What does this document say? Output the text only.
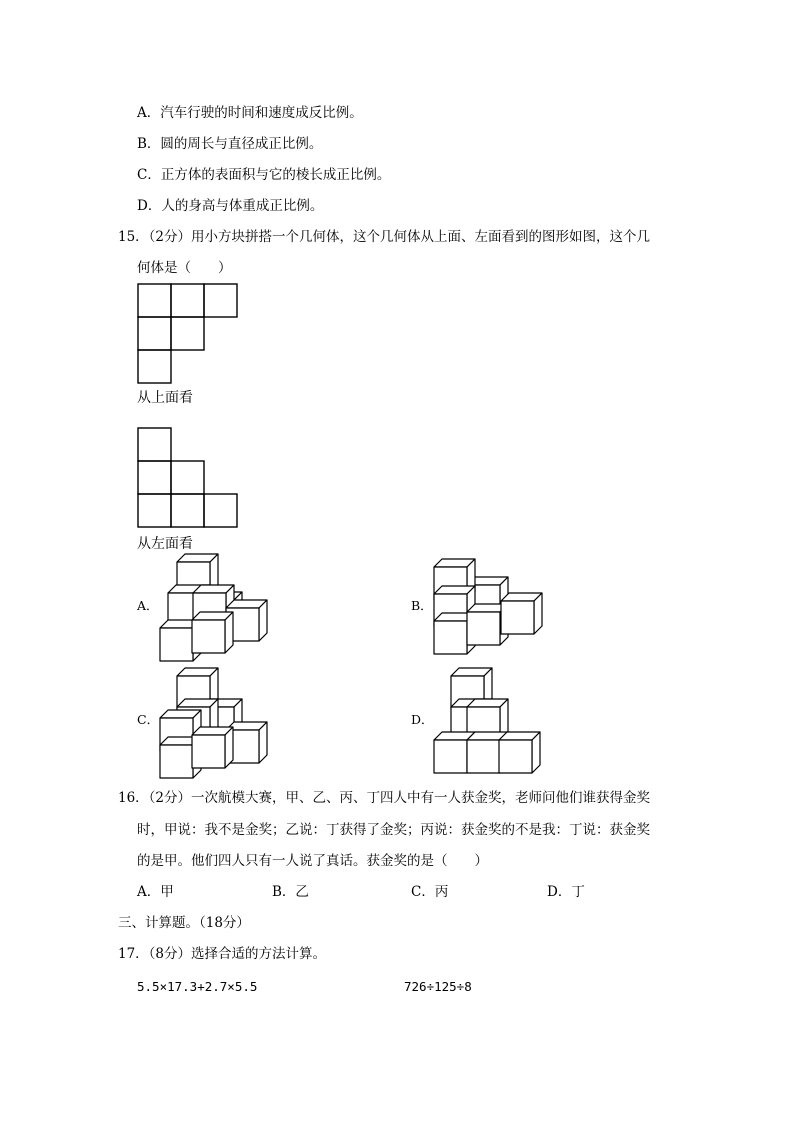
A．汽车行驶的时间和速度成反比例。
B．圆的周长与直径成正比例。
C．正方体的表面积与它的棱长成正比例。
D．人的身高与体重成正比例。
15．（2分）用小方块拼搭一个几何体，这个几何体从上面、左面看到的图形如图，这个几
何体是（　　）
从上面看
从左面看
A．	B．
C．	D．
16．（2分）一次航模大赛，甲、乙、丙、丁四人中有一人获金奖，老师问他们谁获得金奖
时，甲说：我不是金奖；乙说：丁获得了金奖；丙说：获金奖的不是我：丁说：获金奖
的是甲。他们四人只有一人说了真话。获金奖的是（　　）
A．甲	B．乙	C．丙	D．丁
三、计算题。（18分）
17．（8分）选择合适的方法计算。
5.5×17.3+2.7×5.5	726÷125÷8
